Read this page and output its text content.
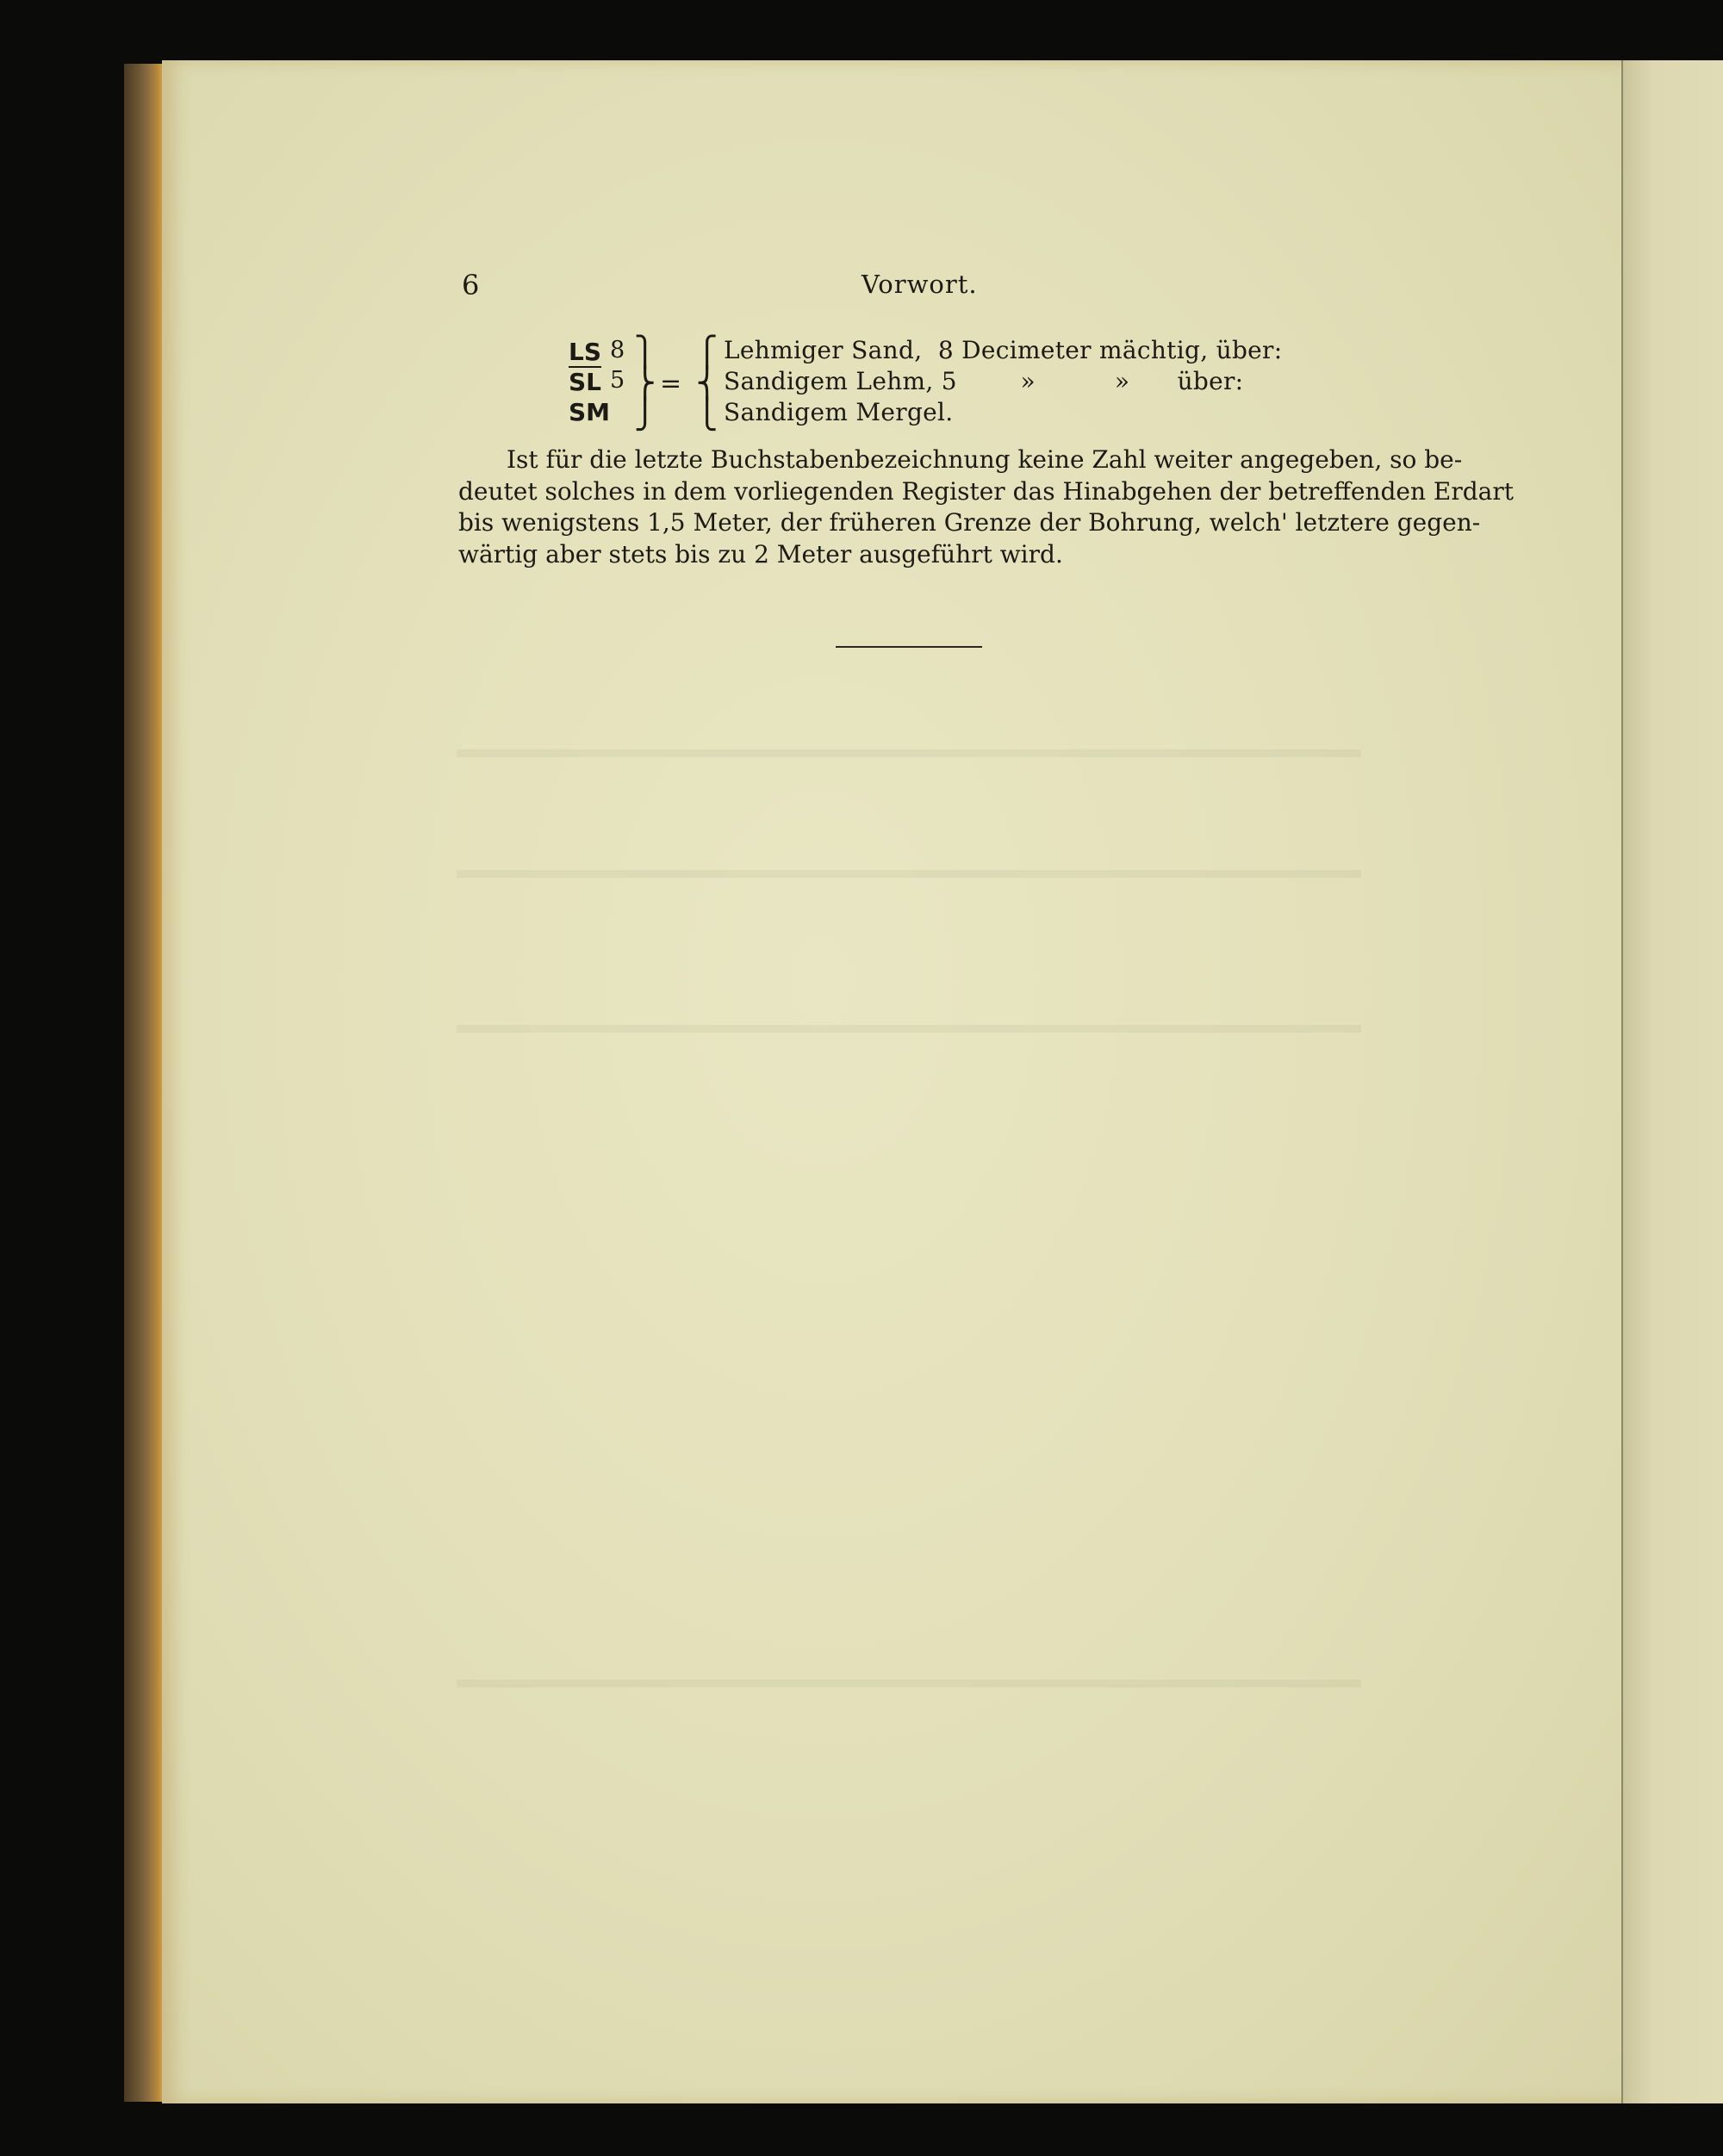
6	Vorwort.
LS 8
$\overline{SL}$ 5
SM
⎫
⎬
⎭
=
⎧
⎨
⎩
Lehmiger Sand,  8 Decimeter mächtig, über:
Sandigem Lehm, 5        »          »      über:
Sandigem Mergel.
Ist für die letzte Buchstabenbezeichnung keine Zahl weiter angegeben, so be-
deutet solches in dem vorliegenden Register das Hinabgehen der betreffenden Erdart
bis wenigstens 1,5 Meter, der früheren Grenze der Bohrung, welch' letztere gegen-
wärtig aber stets bis zu 2 Meter ausgeführt wird.
